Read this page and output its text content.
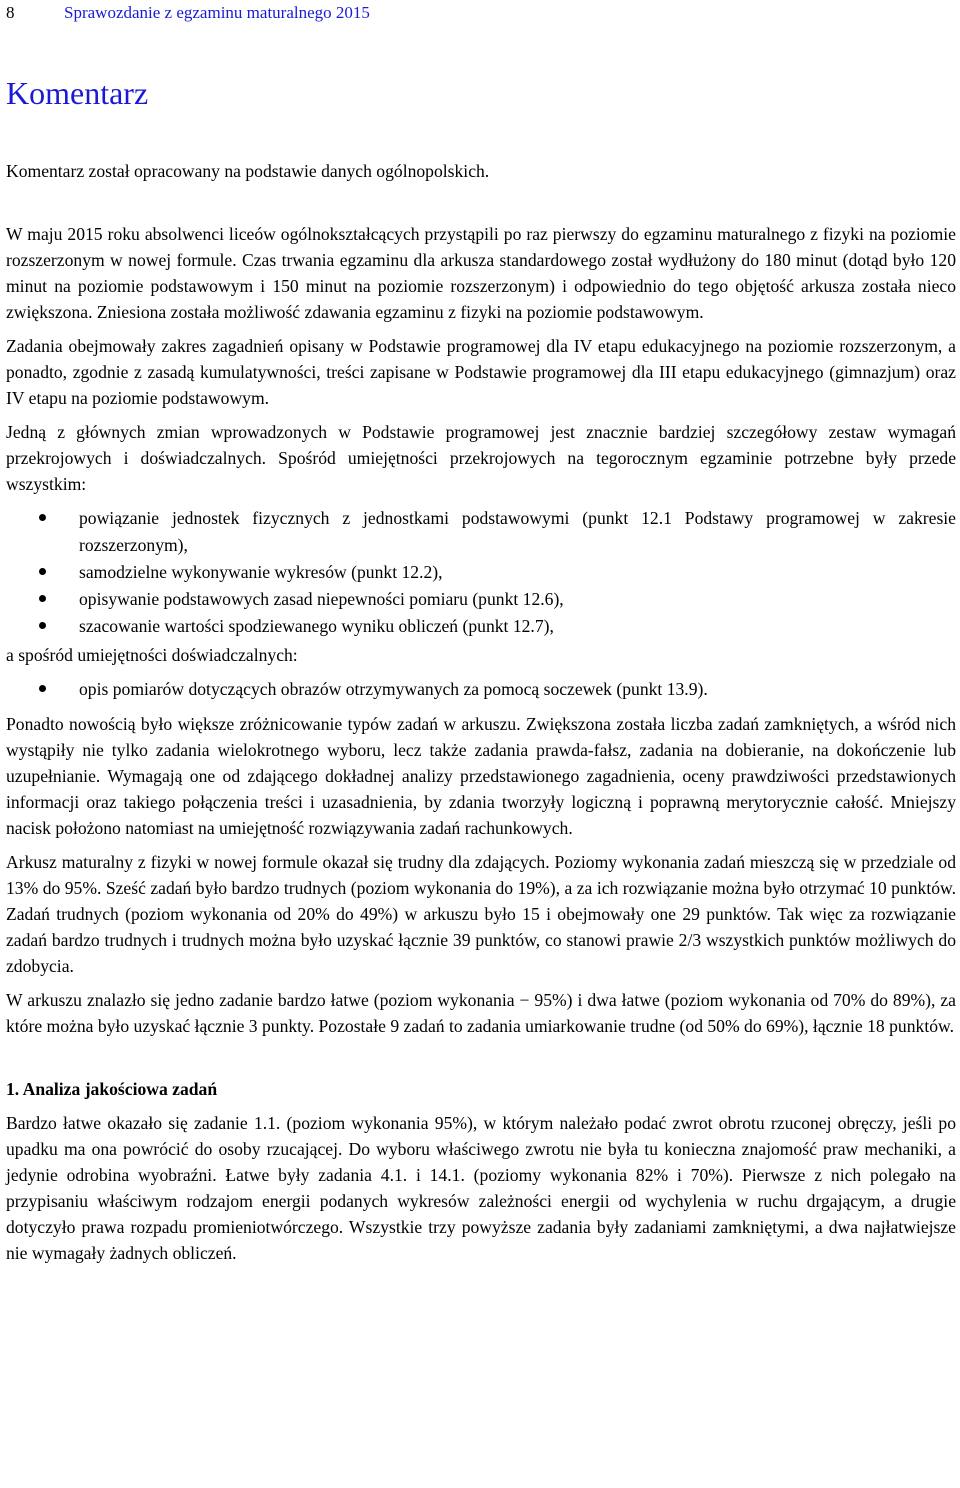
8	Sprawozdanie z egzaminu maturalnego 2015
Komentarz

Komentarz został opracowany na podstawie danych ogólnopolskich.

W maju 2015 roku absolwenci liceów ogólnokształcących przystąpili po raz pierwszy do egzaminu maturalnego z fizyki na poziomie rozszerzonym w nowej formule. Czas trwania egzaminu dla arkusza standardowego został wydłużony do 180 minut (dotąd było 120 minut na poziomie podstawowym i 150 minut na poziomie rozszerzonym) i odpowiednio do tego objętość arkusza została nieco zwiększona. Zniesiona została możliwość zdawania egzaminu z fizyki na poziomie podstawowym.

Zadania obejmowały zakres zagadnień opisany w Podstawie programowej dla IV etapu edukacyjnego na poziomie rozszerzonym, a ponadto, zgodnie z zasadą kumulatywności, treści zapisane w Podstawie programowej dla III etapu edukacyjnego (gimnazjum) oraz IV etapu na poziomie podstawowym.

Jedną z głównych zmian wprowadzonych w Podstawie programowej jest znacznie bardziej szczegółowy zestaw wymagań przekrojowych i doświadczalnych. Spośród umiejętności przekrojowych na tegorocznym egzaminie potrzebne były przede wszystkim:

powiązanie jednostek fizycznych z jednostkami podstawowymi (punkt 12.1 Podstawy programowej w zakresie rozszerzonym),
samodzielne wykonywanie wykresów (punkt 12.2),
opisywanie podstawowych zasad niepewności pomiaru (punkt 12.6),
szacowanie wartości spodziewanego wyniku obliczeń (punkt 12.7),

a spośród umiejętności doświadczalnych:

opis pomiarów dotyczących obrazów otrzymywanych za pomocą soczewek (punkt 13.9).

Ponadto nowością było większe zróżnicowanie typów zadań w arkuszu. Zwiększona została liczba zadań zamkniętych, a wśród nich wystąpiły nie tylko zadania wielokrotnego wyboru, lecz także zadania prawda-fałsz, zadania na dobieranie, na dokończenie lub uzupełnianie. Wymagają one od zdającego dokładnej analizy przedstawionego zagadnienia, oceny prawdziwości przedstawionych informacji oraz takiego połączenia treści i uzasadnienia, by zdania tworzyły logiczną i poprawną merytorycznie całość. Mniejszy nacisk położono natomiast na umiejętność rozwiązywania zadań rachunkowych.

Arkusz maturalny z fizyki w nowej formule okazał się trudny dla zdających. Poziomy wykonania zadań mieszczą się w przedziale od 13% do 95%. Sześć zadań było bardzo trudnych (poziom wykonania do 19%), a za ich rozwiązanie można było otrzymać 10 punktów. Zadań trudnych (poziom wykonania od 20% do 49%) w arkuszu było 15 i obejmowały one 29 punktów. Tak więc za rozwiązanie zadań bardzo trudnych i trudnych można było uzyskać łącznie 39 punktów, co stanowi prawie 2/3 wszystkich punktów możliwych do zdobycia.

W arkuszu znalazło się jedno zadanie bardzo łatwe (poziom wykonania − 95%) i dwa łatwe (poziom wykonania od 70% do 89%), za które można było uzyskać łącznie 3 punkty. Pozostałe 9 zadań to zadania umiarkowanie trudne (od 50% do 69%), łącznie 18 punktów.

1. Analiza jakościowa zadań

Bardzo łatwe okazało się zadanie 1.1. (poziom wykonania 95%), w którym należało podać zwrot obrotu rzuconej obręczy, jeśli po upadku ma ona powrócić do osoby rzucającej. Do wyboru właściwego zwrotu nie była tu konieczna znajomość praw mechaniki, a jedynie odrobina wyobraźni. Łatwe były zadania 4.1. i 14.1. (poziomy wykonania 82% i 70%). Pierwsze z nich polegało na przypisaniu właściwym rodzajom energii podanych wykresów zależności energii od wychylenia w ruchu drgającym, a drugie dotyczyło prawa rozpadu promieniotwórczego. Wszystkie trzy powyższe zadania były zadaniami zamkniętymi, a dwa najłatwiejsze nie wymagały żadnych obliczeń.
